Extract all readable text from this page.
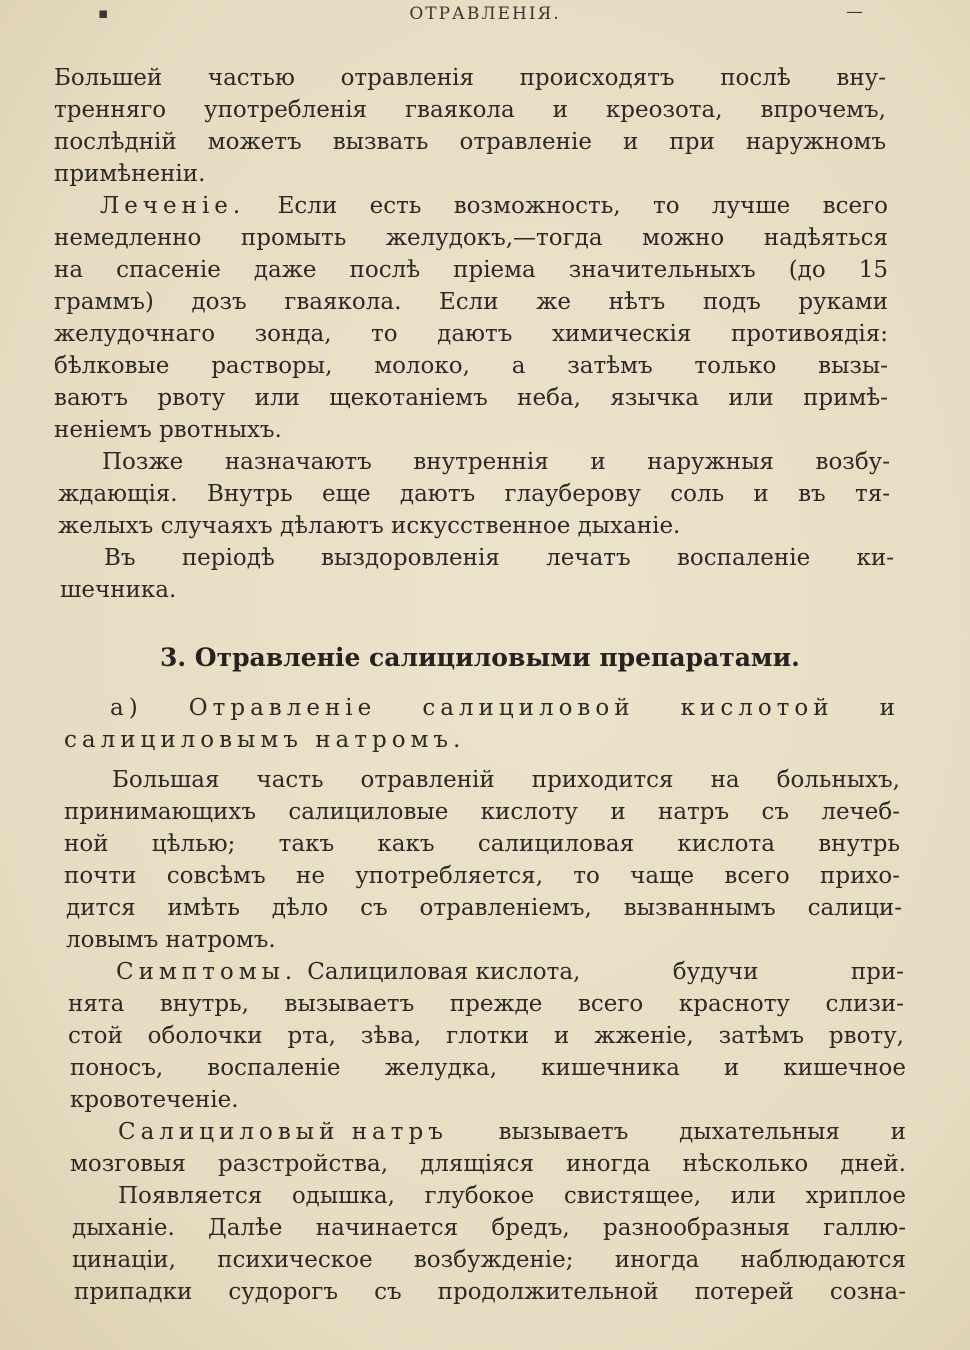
▪	ОТРАВЛЕНІЯ.	—

Большей частью отравленія происходятъ послѣ вну-

тренняго употребленія гваякола и креозота, впрочемъ,

послѣдній можетъ вызвать отравленіе и при наружномъ

примѣненіи.

Леченіе. Если есть возможность, то лучше всего

немедленно промыть желудокъ,—тогда можно надѣяться

на спасеніе даже послѣ пріема значительныхъ (до 15

граммъ) дозъ гваякола. Если же нѣтъ подъ руками

желудочнаго зонда, то даютъ химическія противоядія:

бѣлковые растворы, молоко, а затѣмъ только вызы-

ваютъ рвоту или щекотаніемъ неба, язычка или примѣ-

неніемъ рвотныхъ.

Позже назначаютъ внутреннія и наружныя возбу-

ждающія. Внутрь еще даютъ глауберову соль и въ тя-

желыхъ случаяхъ дѣлаютъ искусственное дыханіе.

Въ періодѣ выздоровленія лечатъ воспаленіе ки-

шечника.

3. Отравленіе салициловыми препаратами.

а) Отравленіе салициловой кислотой и

салициловымъ натромъ.

Большая часть отравленій приходится на больныхъ,

принимающихъ салициловые кислоту и натръ съ лечеб-

ной цѣлью; такъ какъ салициловая кислота внутрь

почти совсѣмъ не употребляется, то чаще всего прихо-

дится имѣть дѣло съ отравленіемъ, вызваннымъ салици-

ловымъ натромъ.

Симптомы. Салициловая кислота, будучи при-

нята внутрь, вызываетъ прежде всего красноту слизи-

стой оболочки рта, зѣва, глотки и жженіе, затѣмъ рвоту,

поносъ, воспаленіе желудка, кишечника и кишечное

кровотеченіе.

Салициловый натръ вызываетъ дыхательныя и

мозговыя разстройства, длящіяся иногда нѣсколько дней.

Появляется одышка, глубокое свистящее, или хриплое

дыханіе. Далѣе начинается бредъ, разнообразныя галлю-

цинаціи, психическое возбужденіе; иногда наблюдаются

припадки судорогъ съ продолжительной потерей созна-
